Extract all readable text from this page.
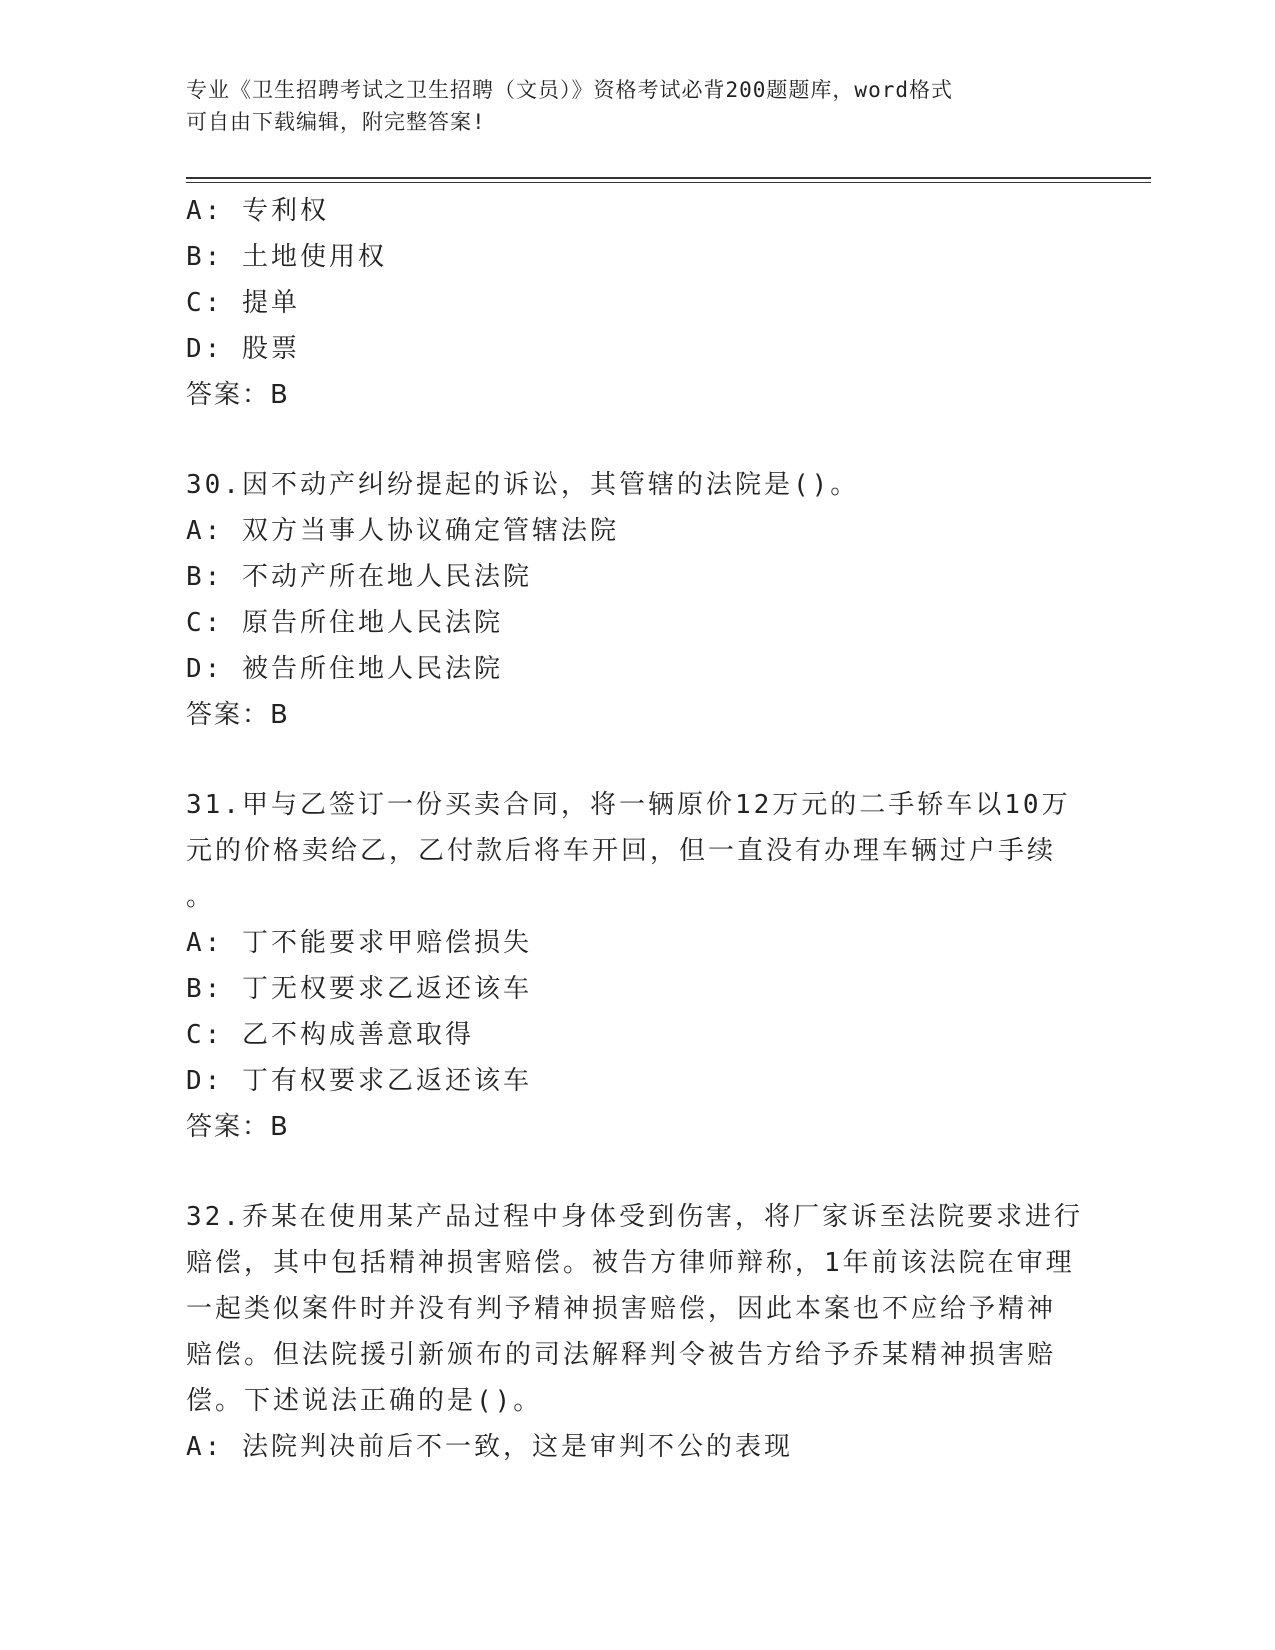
专业《卫生招聘考试之卫生招聘（文员）》资格考试必背200题题库，word格式
可自由下载编辑，附完整答案!
A: 专利权
B: 土地使用权
C: 提单
D: 股票
答案：B
30.因不动产纠纷提起的诉讼，其管辖的法院是()。
A: 双方当事人协议确定管辖法院
B: 不动产所在地人民法院
C: 原告所住地人民法院
D: 被告所住地人民法院
答案：B
31.甲与乙签订一份买卖合同，将一辆原价12万元的二手轿车以10万
元的价格卖给乙，乙付款后将车开回，但一直没有办理车辆过户手续
。
A: 丁不能要求甲赔偿损失
B: 丁无权要求乙返还该车
C: 乙不构成善意取得
D: 丁有权要求乙返还该车
答案：B
32.乔某在使用某产品过程中身体受到伤害，将厂家诉至法院要求进行
赔偿，其中包括精神损害赔偿。被告方律师辩称，1年前该法院在审理
一起类似案件时并没有判予精神损害赔偿，因此本案也不应给予精神
赔偿。但法院援引新颁布的司法解释判令被告方给予乔某精神损害赔
偿。下述说法正确的是()。
A: 法院判决前后不一致，这是审判不公的表现
